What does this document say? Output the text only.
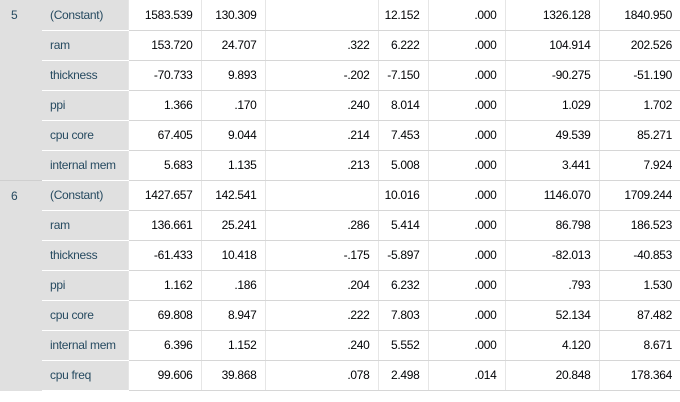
5	(Constant)	1583.539	130.309		12.152	.000	1326.128	1840.950
	ram	153.720	24.707	.322	6.222	.000	104.914	202.526
	thickness	-70.733	9.893	-.202	-7.150	.000	-90.275	-51.190
	ppi	1.366	.170	.240	8.014	.000	1.029	1.702
	cpu core	67.405	9.044	.214	7.453	.000	49.539	85.271
	internal mem	5.683	1.135	.213	5.008	.000	3.441	7.924
6	(Constant)	1427.657	142.541		10.016	.000	1146.070	1709.244
	ram	136.661	25.241	.286	5.414	.000	86.798	186.523
	thickness	-61.433	10.418	-.175	-5.897	.000	-82.013	-40.853
	ppi	1.162	.186	.204	6.232	.000	.793	1.530
	cpu core	69.808	8.947	.222	7.803	.000	52.134	87.482
	internal mem	6.396	1.152	.240	5.552	.000	4.120	8.671
	cpu freq	99.606	39.868	.078	2.498	.014	20.848	178.364
